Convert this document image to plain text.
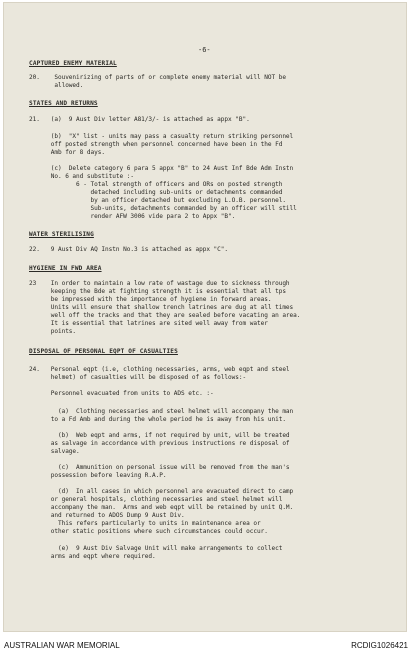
-6-
CAPTURED ENEMY MATERIAL
20.    Souvenirizing of parts of or complete enemy material will NOT be
allowed.
STATES AND RETURNS
21.   (a)  9 Aust Div letter A81/3/- is attached as appx "B".
(b)  "X" list - units may pass a casualty return striking personnel
off posted strength when personnel concerned have been in the Fd
Amb for 8 days.
(c)  Delete category 6 para 5 appx "B" to 24 Aust Inf Bde Adm Instn
No. 6 and substitute :-
6 - Total strength of officers and ORs on posted strength
detached including sub-units or detachments commanded
by an officer detached but excluding L.O.B. personnel.
Sub-units, detachments commanded by an officer will still
render AFW 3006 vide para 2 to Appx "B".
WATER STERILISING
22.   9 Aust Div AQ Instn No.3 is attached as appx "C".
HYGIENE IN FWD AREA
23    In order to maintain a low rate of wastage due to sickness through
keeping the Bde at fighting strength it is essential that all tps
be impressed with the importance of hygiene in forward areas.
Units will ensure that shallow trench latrines are dug at all times
well off the tracks and that they are sealed before vacating an area.
It is essential that latrines are sited well away from water
points.
DISPOSAL OF PERSONAL EQPT OF CASUALTIES
24.   Personal eqpt (i.e, clothing necessaries, arms, web eqpt and steel
helmet) of casualties will be disposed of as follows:-
Personnel evacuated from units to ADS etc. :-
(a)  Clothing necessaries and steel helmet will accompany the man
to a Fd Amb and during the whole period he is away from his unit.
(b)  Web eqpt and arms, if not required by unit, will be treated
as salvage in accordance with previous instructions re disposal of
salvage.
(c)  Ammunition on personal issue will be removed from the man's
possession before leaving R.A.P.
(d)  In all cases in which personnel are evacuated direct to camp
or general hospitals, clothing necessaries and steel helmet will
accompany the man.  Arms and web eqpt will be retained by unit Q.M.
and returned to ADOS Dump 9 Aust Div.
This refers particularly to units in maintenance area or
other static positions where such circumstances could occur.
(e)  9 Aust Div Salvage Unit will make arrangements to collect
arms and eqpt where required.
AUSTRALIAN WAR MEMORIAL	RCDIG1026421
